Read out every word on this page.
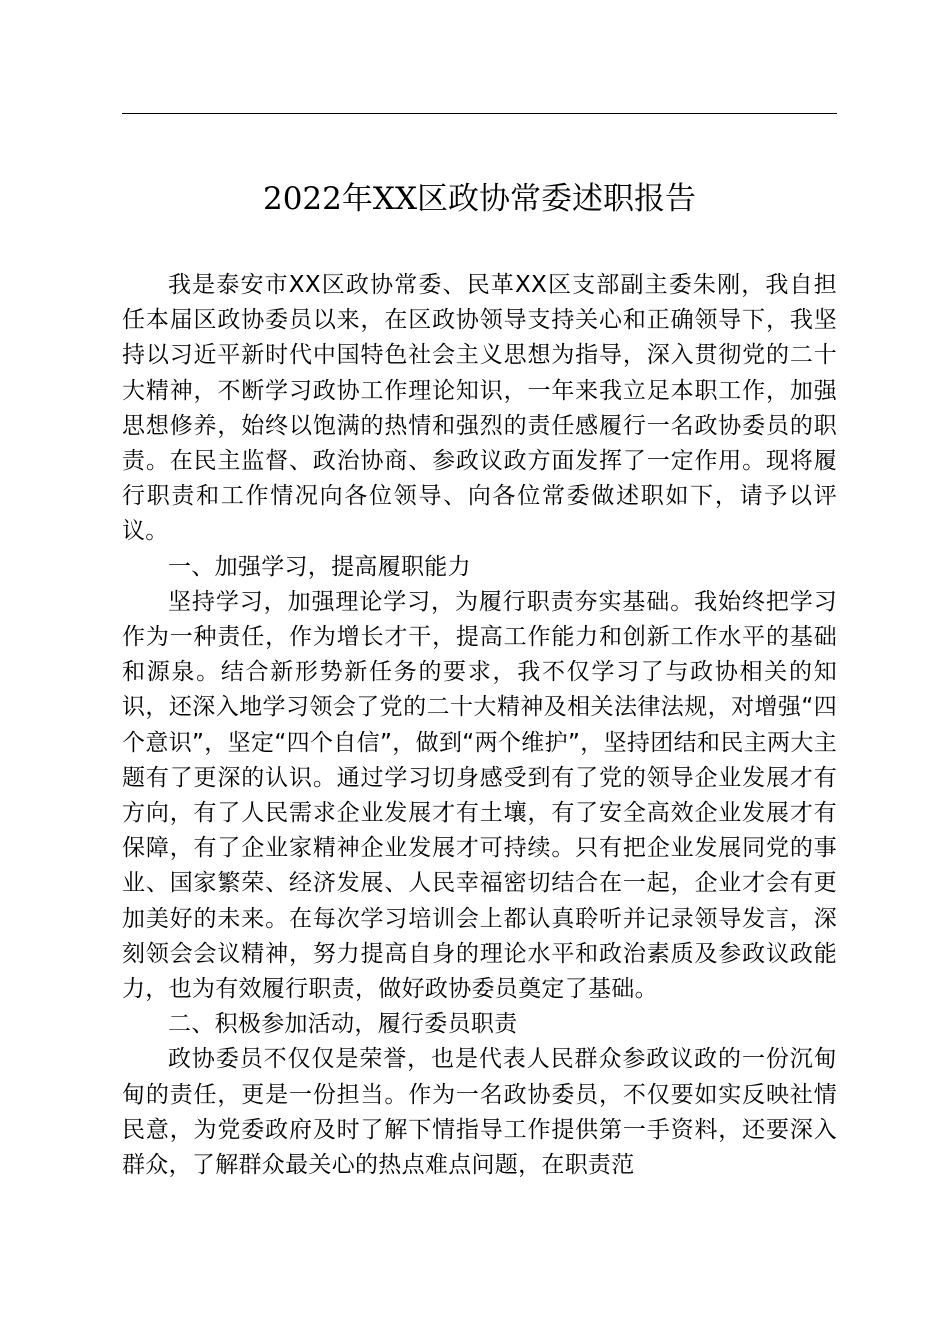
2022年XX区政协常委述职报告

我是泰安市XX区政协常委、民革XX区支部副主委朱刚，我自担任本届区政协委员以来，在区政协领导支持关心和正确领导下，我坚持以习近平新时代中国特色社会主义思想为指导，深入贯彻党的二十大精神，不断学习政协工作理论知识，一年来我立足本职工作，加强思想修养，始终以饱满的热情和强烈的责任感履行一名政协委员的职责。在民主监督、政治协商、参政议政方面发挥了一定作用。现将履行职责和工作情况向各位领导、向各位常委做述职如下，请予以评议。

一、加强学习，提高履职能力

坚持学习，加强理论学习，为履行职责夯实基础。我始终把学习作为一种责任，作为增长才干，提高工作能力和创新工作水平的基础和源泉。结合新形势新任务的要求，我不仅学习了与政协相关的知识，还深入地学习领会了党的二十大精神及相关法律法规，对增强“四个意识”，坚定“四个自信”，做到“两个维护”，坚持团结和民主两大主题有了更深的认识。通过学习切身感受到有了党的领导企业发展才有方向，有了人民需求企业发展才有土壤，有了安全高效企业发展才有保障，有了企业家精神企业发展才可持续。只有把企业发展同党的事业、国家繁荣、经济发展、人民幸福密切结合在一起，企业才会有更加美好的未来。在每次学习培训会上都认真聆听并记录领导发言，深刻领会会议精神，努力提高自身的理论水平和政治素质及参政议政能力，也为有效履行职责，做好政协委员奠定了基础。

二、积极参加活动，履行委员职责

政协委员不仅仅是荣誉，也是代表人民群众参政议政的一份沉甸甸的责任，更是一份担当。作为一名政协委员，不仅要如实反映社情民意，为党委政府及时了解下情指导工作提供第一手资料，还要深入群众，了解群众最关心的热点难点问题，在职责范
